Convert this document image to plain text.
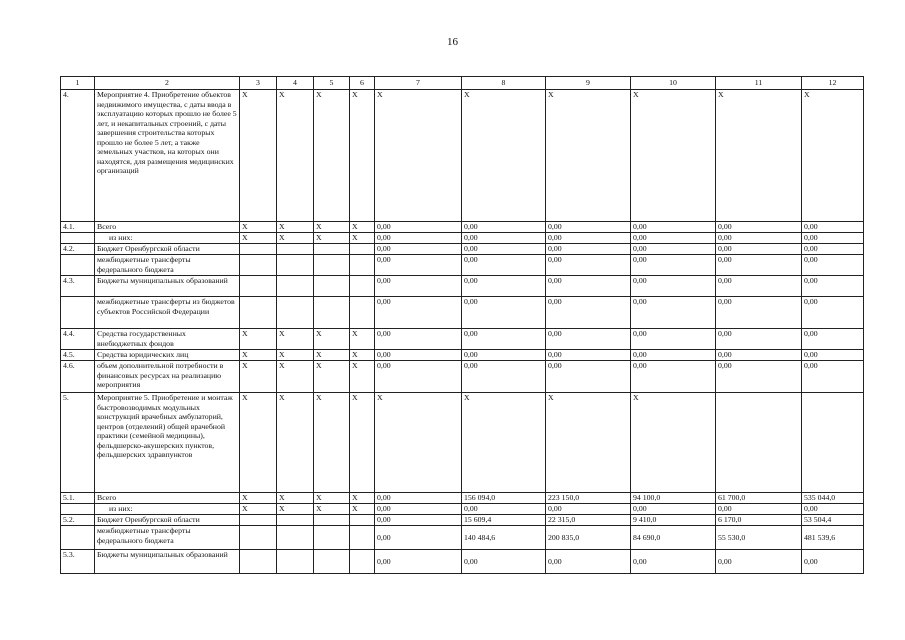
16
1	2	3	4	5	6	7	8	9	10	11	12
4.	Мероприятие 4. Приобретение объектов недвижимого имущества, с даты ввода в эксплуатацию которых прошло не более 5 лет, и некапитальных строений, с даты завершения строительства которых прошло не более 5 лет, а также земельных участков, на которых они находятся, для размещения медицинских организаций	Х	Х	Х	Х	Х	Х	Х	Х	Х	Х
4.1.	Всего	Х	Х	Х	Х	0,00	0,00	0,00	0,00	0,00	0,00
	из них:	Х	Х	Х	Х	0,00	0,00	0,00	0,00	0,00	0,00
4.2.	Бюджет Оренбургской области					0,00	0,00	0,00	0,00	0,00	0,00
	межбюджетные трансферты федерального бюджета					0,00	0,00	0,00	0,00	0,00	0,00
4.3.	Бюджеты муниципальных образований					0,00	0,00	0,00	0,00	0,00	0,00
	межбюджетные трансферты из бюджетов субъектов Российской Федерации					0,00	0,00	0,00	0,00	0,00	0,00
4.4.	Средства государственных внебюджетных фондов	Х	Х	Х	Х	0,00	0,00	0,00	0,00	0,00	0,00
4.5.	Средства юридических лиц	Х	Х	Х	Х	0,00	0,00	0,00	0,00	0,00	0,00
4.6.	объем дополнительной потребности в финансовых ресурсах на реализацию мероприятия	Х	Х	Х	Х	0,00	0,00	0,00	0,00	0,00	0,00
5.	Мероприятие 5. Приобретение и монтаж быстровозводимых модульных конструкций врачебных амбулаторий, центров (отделений) общей врачебной практики (семейной медицины), фельдшерско-акушерских пунктов, фельдшерских здравпунктов	Х	Х	Х	Х	Х	Х	Х	Х		
5.1.	Всего	Х	Х	Х	Х	0,00	156 094,0	223 150,0	94 100,0	61 700,0	535 044,0
	из них:	Х	Х	Х	Х	0,00	0,00	0,00	0,00	0,00	0,00
5.2.	Бюджет Оренбургской области					0,00	15 609,4	22 315,0	9 410,0	6 170,0	53 504,4
	межбюджетные трансферты федерального бюджета					0,00	140 484,6	200 835,0	84 690,0	55 530,0	481 539,6
5.3.	Бюджеты муниципальных образований					0,00	0,00	0,00	0,00	0,00	0,00
